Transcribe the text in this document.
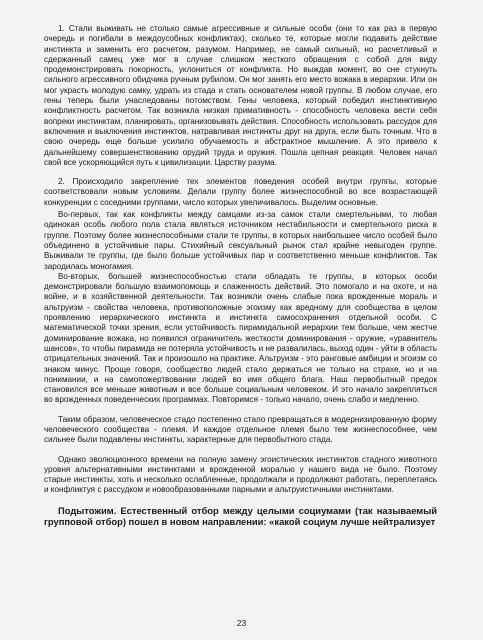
1. Стали выживать не столько самые агрессивные и сильные особи (они то как раз в первую очередь и погибали в междоусобных конфликтах), сколько те, которые могли подавить действие инстинкта и заменить его расчетом, разумом. Например, не самый сильный, но расчетливый и сдержанный самец уже мог в случае слишком жесткого обращения с собой для виду продемонстрировать покорность, уклониться от конфликта. Но выждав момент, во сне стукнуть сильного агрессивного обидчика ручным рубилом. Он мог занять его место вожака в иерархии. Или он мог украсть молодую самку, удрать из стада и стать основателем новой группы. В любом случае, его гены теперь были унаследованы потомством. Гены человека, который победил инстинктивную конфликтность расчетом. Так возникла низкая примативность - способность человека вести себя вопреки инстинктам, планировать, организовывать действия. Способность использовать рассудок для включения и выключения инстинктов, натравливая инстинкты друг на друга, если быть точным. Что в свою очередь еще больше усилило обучаемость и абстрактное мышление. А это привело к дальнейшему совершенствованию орудий труда и оружия. Пошла цепная реакция. Человек начал свой все ускоряющийся путь к цивилизации. Царству разума.

2. Происходило закрепление тех элементов поведения особей внутри группы, которые соответствовали новым условиям. Делали группу более жизнеспособной во все возрастающей конкуренции с соседними группами, число которых увеличивалось. Выделим основные.

Во-первых, так как конфликты между самцами из-за самок стали смертельными, то любая одинокая особь любого пола стала являться источником нестабильности и смертельного риска в группе. Поэтому более жизнеспособными стали те группы, в которых наибольшее число особей было объединено в устойчивые пары. Стихийный сексуальный рынок стал крайне невыгоден группе. Выживали те группы, где было больше устойчивых пар и соответственно меньше конфликтов. Так зародилась моногамия.

Во-вторых, большей жизнеспособностью стали обладать те группы, в которых особи демонстрировали большую взаимопомощь и слаженность действий. Это помогало и на охоте, и на войне, и в хозяйственной деятельности. Так возникли очень слабые пока врожденные мораль и альтруизм - свойства человека, противоположные эгоизму как вредному для сообщества в целом проявлению иерархического инстинкта и инстинкта самосохранения отдельной особи. С математической точки зрения, если устойчивость пирамидальной иерархии тем больше, чем жестче доминирование вожака, но появился ограничитель жесткости доминирования - оружие, «уравнитель шансов», то чтобы пирамида не потеряла устойчивость и не развалилась, выход один - уйти в область отрицательных значений. Так и произошло на практике. Альтруизм - это ранговые амбиции и эгоизм со знаком минус. Проще говоря, сообщество людей стало держаться не только на страхе, но и на понимании, и на самопожертвовании людей во имя общего блага. Наш первобытный предок становился все меньше животным и все больше социальным человеком. И это начало закрепляться во врожденных поведенческих программах. Повторимся - только начало, очень слабо и медленно.

Таким образом, человеческое стадо постепенно стало превращаться в модернизированную форму человеческого сообщества - племя. И каждое отдельное племя было тем жизнеспособнее, чем сильнее были подавлены инстинкты, характерные для первобытного стада.

Однако эволюционного времени на полную замену эгоистических инстинктов стадного животного уровня альтернативными инстинктами и врожденной моралью у нашего вида не было. Поэтому старые инстинкты, хоть и несколько ослабленные, продолжали и продолжают работать, переплетаясь и конфликтуя с рассудком и новообразованными парными и альтруистичными инстинктами.

Подытожим. Естественный отбор между целыми социумами (так называемый групповой отбор) пошел в новом направлении: «какой социум лучше нейтрализует

23
